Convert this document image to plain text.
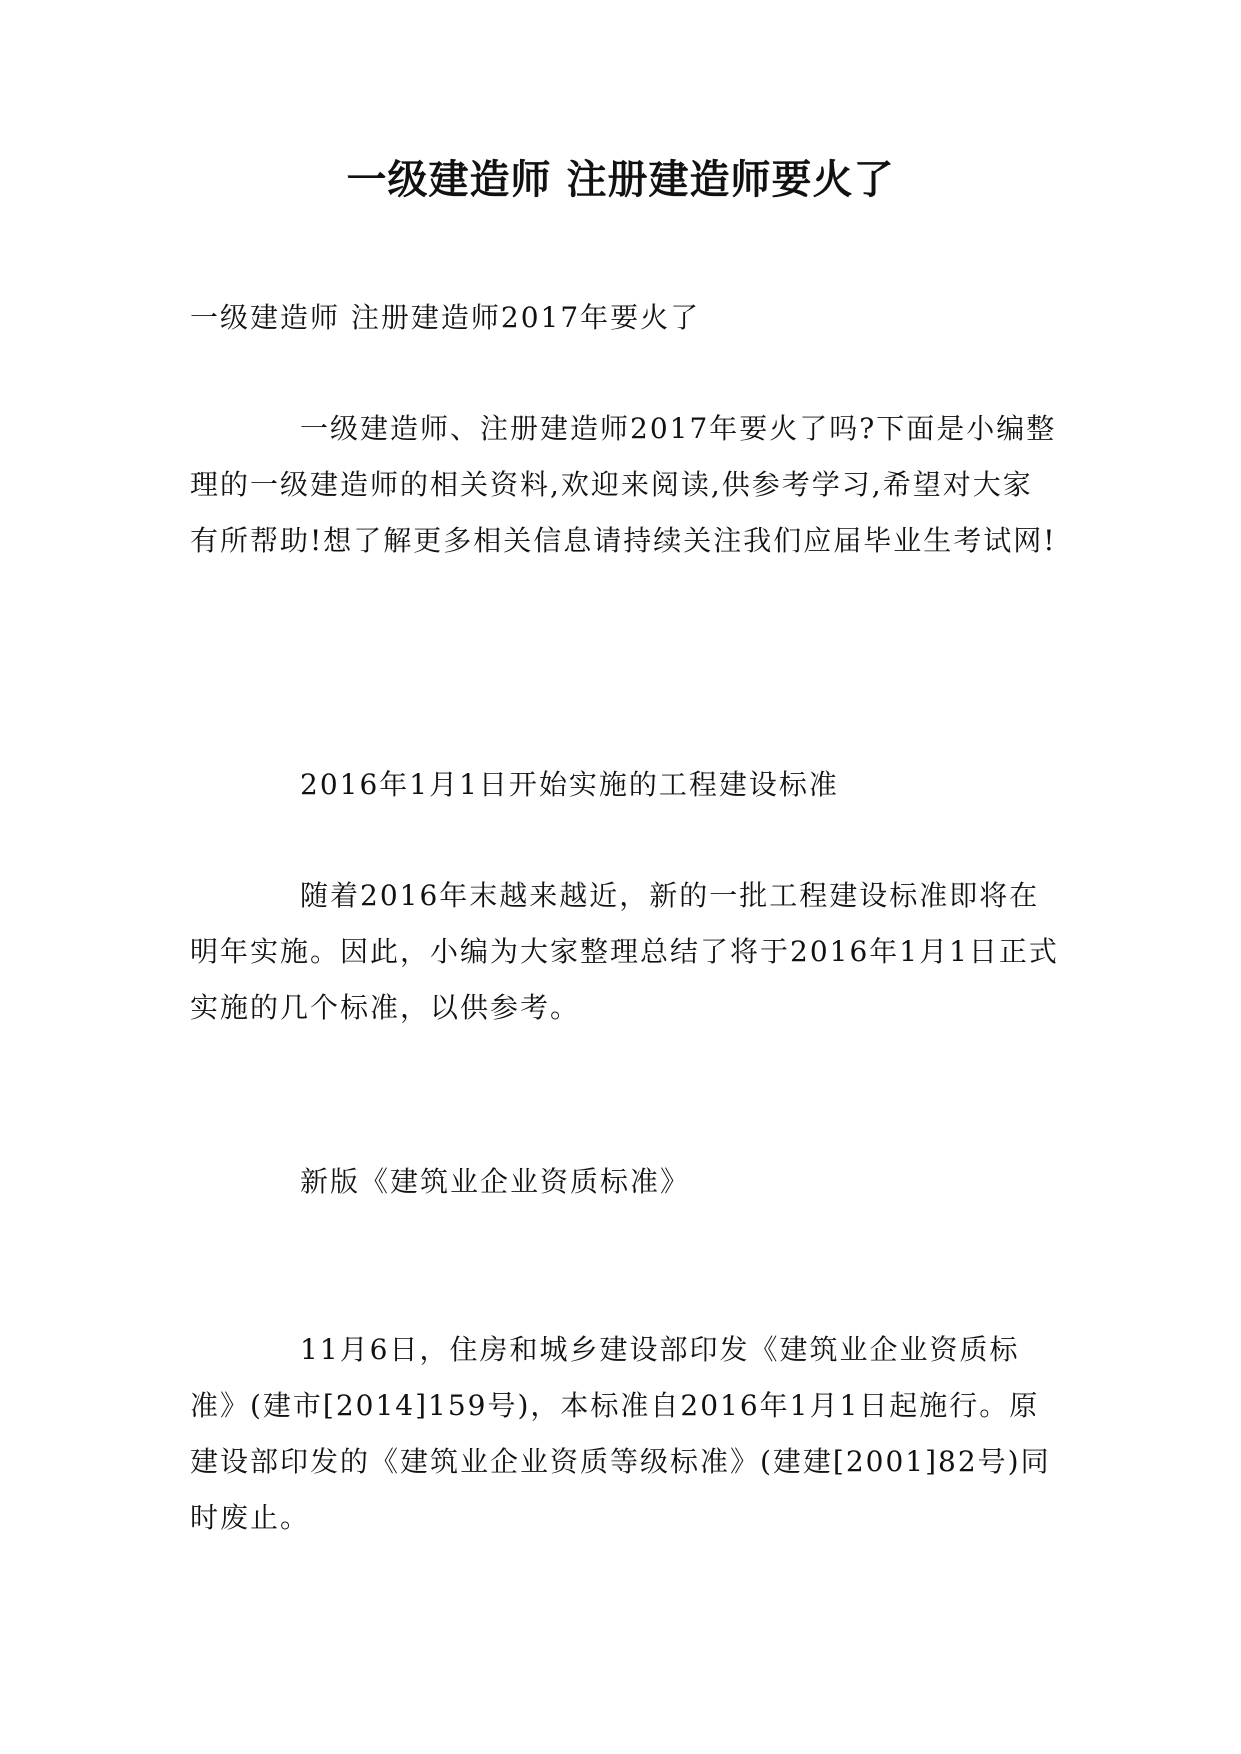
一级建造师 注册建造师要火了

一级建造师 注册建造师2017年要火了

一级建造师、注册建造师2017年要火了吗?下面是小编整理的一级建造师的相关资料,欢迎来阅读,供参考学习,希望对大家有所帮助!想了解更多相关信息请持续关注我们应届毕业生考试网!

2016年1月1日开始实施的工程建设标准

随着2016年末越来越近，新的一批工程建设标准即将在明年实施。因此，小编为大家整理总结了将于2016年1月1日正式实施的几个标准，以供参考。

新版《建筑业企业资质标准》

11月6日，住房和城乡建设部印发《建筑业企业资质标准》(建市[2014]159号)，本标准自2016年1月1日起施行。原建设部印发的《建筑业企业资质等级标准》(建建[2001]82号)同时废止。
